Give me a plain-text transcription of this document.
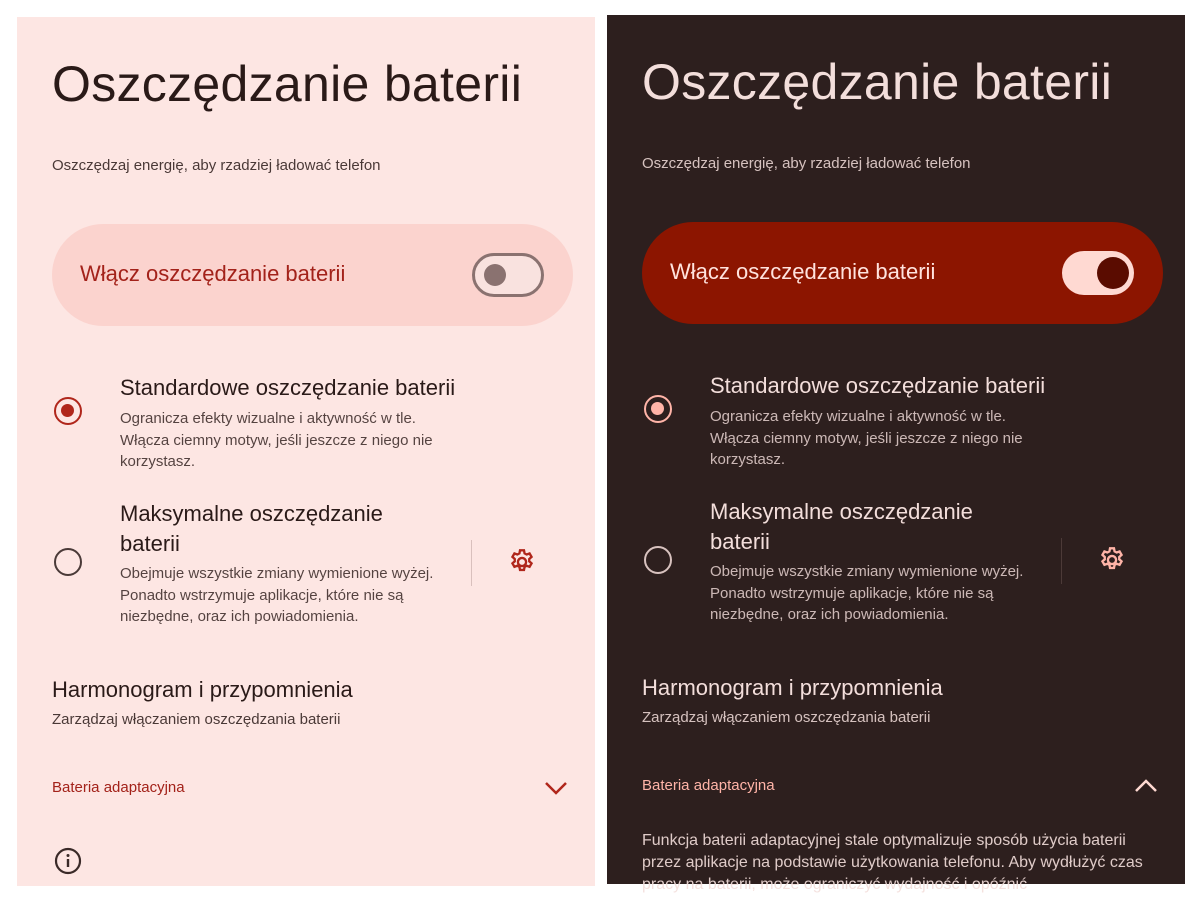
Oszczędzanie baterii
Oszczędzaj energię, aby rzadziej ładować telefon
Włącz oszczędzanie baterii
Standardowe oszczędzanie baterii
Ogranicza efekty wizualne i aktywność w tle. Włącza ciemny motyw, jeśli jeszcze z niego nie korzystasz.
Maksymalne oszczędzanie
baterii
Obejmuje wszystkie zmiany wymienione wyżej. Ponadto wstrzymuje aplikacje, które nie są niezbędne, oraz ich powiadomienia.
Harmonogram i przypomnienia
Zarządzaj włączaniem oszczędzania baterii
Bateria adaptacyjna
Oszczędzanie baterii
Oszczędzaj energię, aby rzadziej ładować telefon
Włącz oszczędzanie baterii
Standardowe oszczędzanie baterii
Ogranicza efekty wizualne i aktywność w tle. Włącza ciemny motyw, jeśli jeszcze z niego nie korzystasz.
Maksymalne oszczędzanie
baterii
Obejmuje wszystkie zmiany wymienione wyżej. Ponadto wstrzymuje aplikacje, które nie są niezbędne, oraz ich powiadomienia.
Harmonogram i przypomnienia
Zarządzaj włączaniem oszczędzania baterii
Bateria adaptacyjna
Funkcja baterii adaptacyjnej stale optymalizuje sposób użycia baterii przez aplikacje na podstawie użytkowania telefonu. Aby wydłużyć czas pracy na baterii, może ograniczyć wydajność i opóźnić
